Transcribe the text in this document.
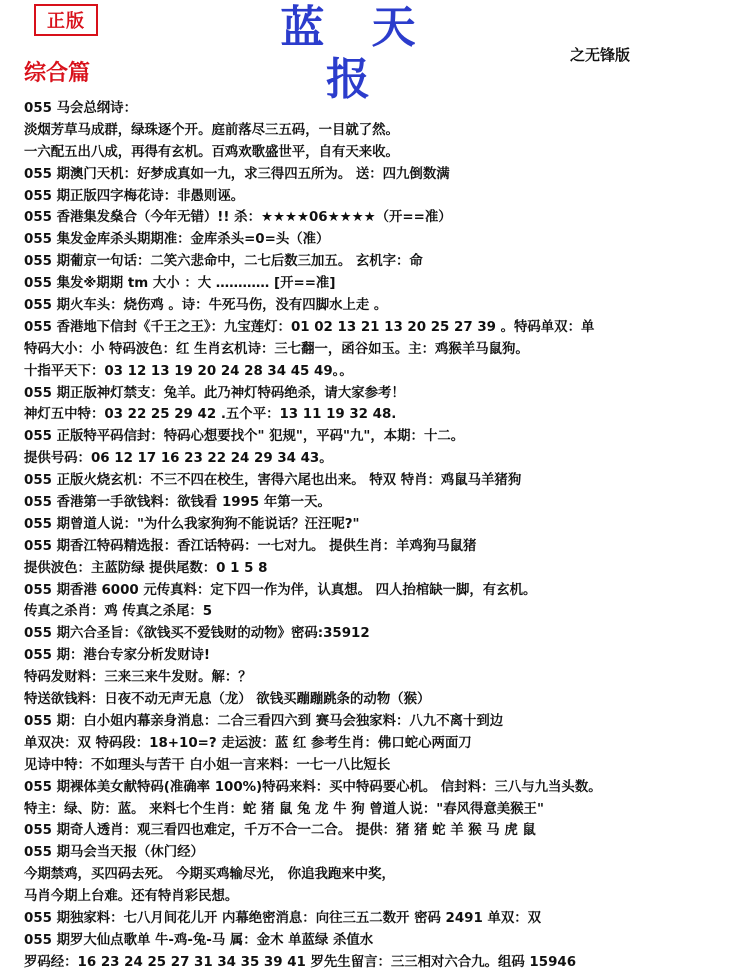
正版	蓝 天 报	之无锋版
综合篇
055 马会总纲诗：
淡烟芳草马成群，绿珠逐个开。庭前落尽三五码，一目就了然。
一六配五出八成，再得有玄机。百鸡欢歌盛世平，自有天来收。
055 期澳门天机：好梦成真如一九，求三得四五所为。 送：四九倒数满
055 期正版四字梅花诗：非愚则诬。
055 香港集发燊合（今年无错）!! 杀：★★★★06★★★★（开==准）
055 集发金库杀头期期准：金库杀头=0=头（准）
055 期葡京一句话：二笑六悲命中，二七后数三加五。 玄机字：命
055 集发※期期 tm 大小 ：大 ………… [开==准]
055 期火车头：烧伤鸡 。诗：牛死马伤，没有四脚水上走 。
055 香港地下信封《千王之王》：九宝莲灯：01 02 13 21 13 20 25 27 39 。特码单双：单
特码大小：小 特码波色：红 生肖玄机诗：三七翻一，函谷如玉。主：鸡猴羊马鼠狗。
十指平天下：03 12 13 19 20 24 28 34 45 49。。
055 期正版神灯禁支：兔羊。此乃神灯特码绝杀，请大家参考！
神灯五中特：03 22 25 29 42 .五个平：13 11 19 32 48.
055 正版特平码信封：特码心想要找个" 犯规"，平码"九"，本期：十二。
提供号码：06 12 17 16 23 22 24 29 34 43。
055 正版火烧玄机：不三不四在校生，害得六尾也出来。 特双 特肖：鸡鼠马羊猪狗
055 香港第一手欲钱料：欲钱看 1995 年第一天。
055 期曾道人说："为什么我家狗狗不能说话？汪汪呢?"
055 期香江特码精选报：香江话特码：一七对九。 提供生肖：羊鸡狗马鼠猪
提供波色：主蓝防绿 提供尾数：0 1 5 8
055 期香港 6000 元传真料：定下四一作为伴，认真想。 四人抬棺缺一脚，有玄机。
传真之杀肖：鸡 传真之杀尾：5
055 期六合圣旨：《欲钱买不爱钱财的动物》密码:35912
055 期：港台专家分析发财诗!
特码发财料：三来三来牛发财。解：？
特送欲钱料：日夜不动无声无息（龙） 欲钱买蹦蹦跳条的动物（猴）
055 期：白小姐内幕亲身消息：二合三看四六到 赛马会独家料：八九不离十到边
单双决：双 特码段：18+10=? 走运波：蓝 红 参考生肖：佛口蛇心两面刀
见诗中特：不如理头与苦干 白小姐一言来料：一七一八比短长
055 期裸体美女献特码(准确率 100%)特码来料：买中特码要心机。 信封料：三八与九当头数。
特主：绿、防：蓝。 来料七个生肖：蛇 猪 鼠 兔 龙 牛 狗 曾道人说："春风得意美猴王"
055 期奇人透肖：观三看四也难定，千万不合一二合。 提供：猪 猪 蛇 羊 猴 马 虎 鼠
055 期马会当天报（休门经）
今期禁鸡，买四码去死。 今期买鸡输尽光， 你追我跑来中奖，
马肖今期上台难。还有特肖彩民想。
055 期独家料：七八月间花儿开 内幕绝密消息：向往三五二数开 密码 2491 单双：双
055 期罗大仙点歌单 牛-鸡-兔-马 属：金木 单蓝绿 杀值水
罗码经：16 23 24 25 27 31 34 35 39 41 罗先生留言：三三相对六合九。组码 15946
